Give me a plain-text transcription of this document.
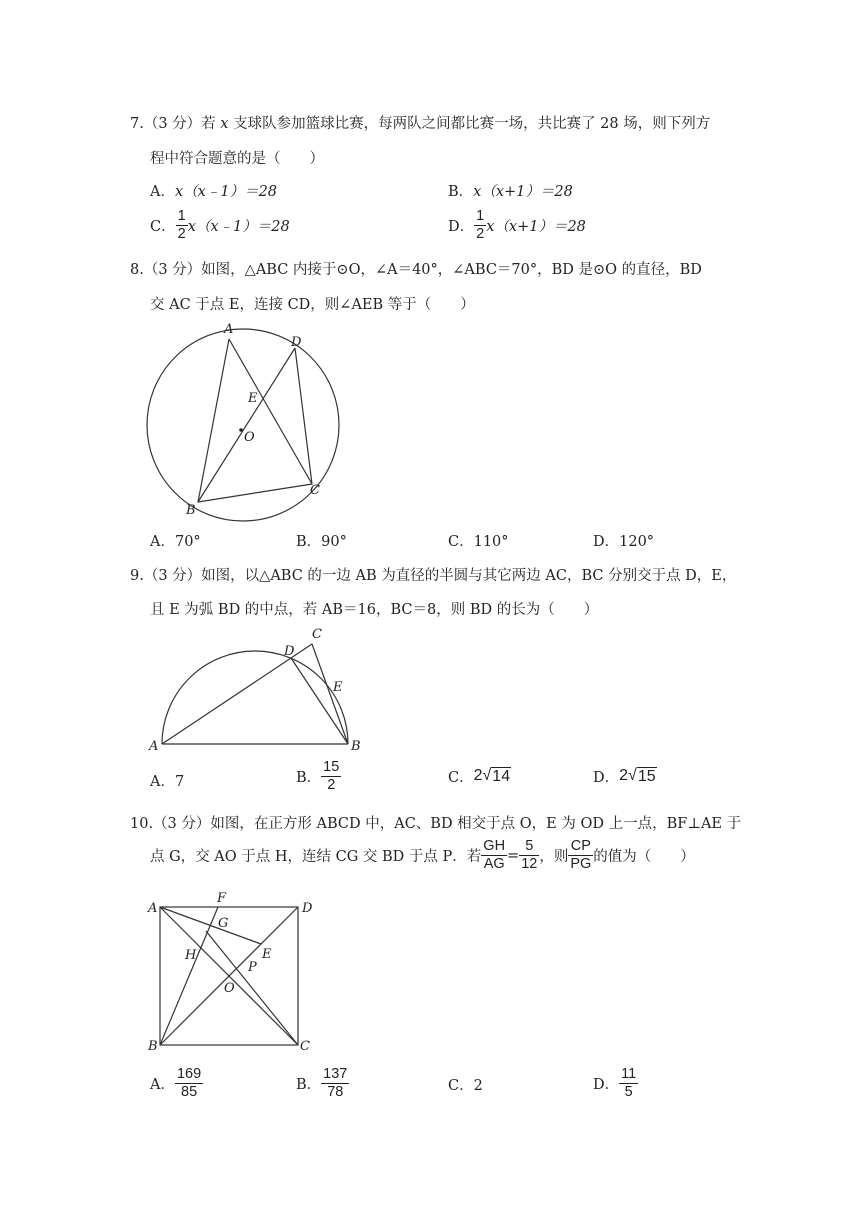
7.（3 分）若 x 支球队参加篮球比赛，每两队之间都比赛一场，共比赛了 28 场，则下列方
程中符合题意的是（　　）
A．x（x﹣1）＝28	B．x（x+1）＝28
C． $\frac{1}{2}$ x（x﹣1）＝28	D． $\frac{1}{2} x(x+1)=28$
8.（3 分）如图，△ABC 内接于⊙O，∠A＝40°，∠ABC＝70°，BD 是⊙O 的直径，BD
交 AC 于点 E，连接 CD，则∠AEB 等于（　　）
A
D
E
O
B
C
A．70°	B．90°	C．110°	D．120°
9.（3 分）如图，以△ABC 的一边 AB 为直径的半圆与其它两边 AC，BC 分别交于点 D，E，
且 E 为弧 BD 的中点，若 AB＝16，BC＝8，则 BD 的长为（　　）
A	B
C
D
E
A．7	B． $\frac{15}{2}$	C． 2 √ 14	D． 2 √ 15
10.（3 分）如图，在正方形 ABCD 中，AC、BD 相交于点 O，E 为 OD 上一点，BF⊥AE 于
点 G，交 AO 于点 H，连结 CG 交 BD 于点 P．若 $\frac{GH}{AG} = \frac{5}{12}$ ，则 $\frac{CP}{PG}$ 的值为（　　）
A
F
D
G
H	E
P
O
B	C
A． $\frac{169}{85}$	B． $\frac{137}{78}$	C．2	D． $\frac{11}{5}$
